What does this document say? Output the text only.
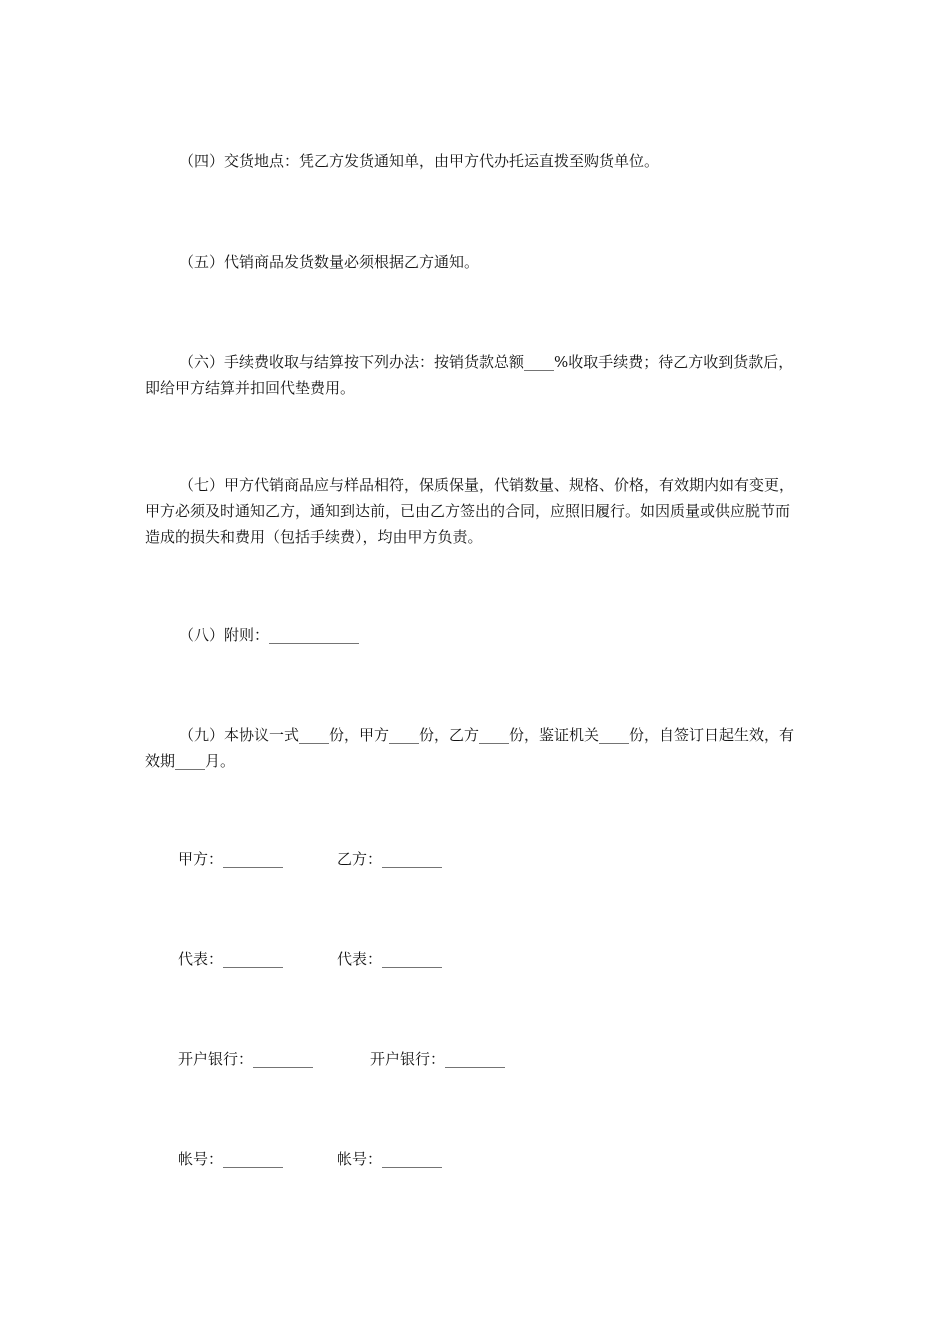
（四）交货地点：凭乙方发货通知单，由甲方代办托运直拨至购货单位。

（五）代销商品发货数量必须根据乙方通知。

（六）手续费收取与结算按下列办法：按销货款总额____%收取手续费；待乙方收到货款后，即给甲方结算并扣回代垫费用。

（七）甲方代销商品应与样品相符，保质保量，代销数量、规格、价格，有效期内如有变更，甲方必须及时通知乙方，通知到达前，已由乙方签出的合同，应照旧履行。如因质量或供应脱节而造成的损失和费用（包括手续费），均由甲方负责。

（八）附则：____________

（九）本协议一式____份，甲方____份，乙方____份，鉴证机关____份，自签订日起生效，有效期____月。

甲方：________	乙方：________
代表：________	代表：________
开户银行：________	开户银行：________
帐号：________	帐号：________
